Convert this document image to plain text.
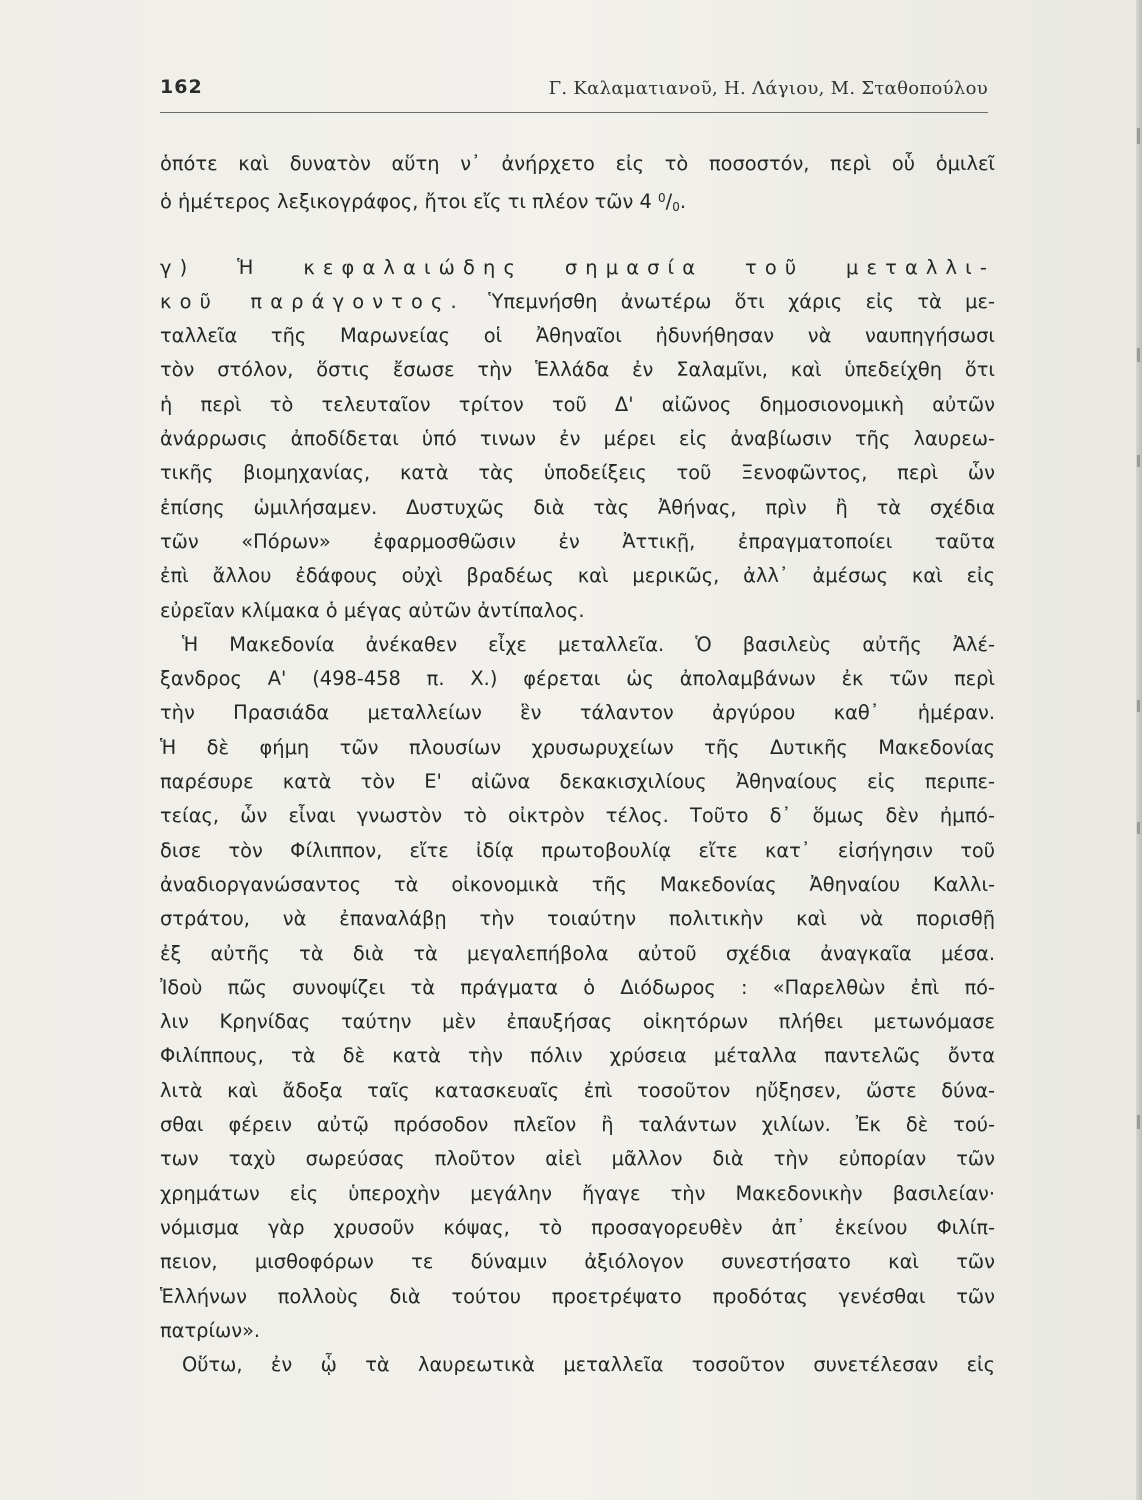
162	Γ. Καλαματιανοῦ, Η. Λάγιου, Μ. Σταθοπούλου
ὁπότε καὶ δυνατὸν αὕτη ν᾽ ἀνήρχετο εἰς τὸ ποσοστόν, περὶ οὗ ὁμιλεῖ
ὁ ἡμέτερος λεξικογράφος, ἤτοι εἴς τι πλέον τῶν 4 $^0/_0$.
γ) Ἡ κεφαλαιώδης σημασία τοῦ μεταλλι-
κοῦ παράγοντος. Ὑπεμνήσθη ἀνωτέρω ὅτι χάρις εἰς τὰ με-
ταλλεῖα τῆς Μαρωνείας οἱ Ἀθηναῖοι ἠδυνήθησαν νὰ ναυπηγήσωσι
τὸν στόλον, ὅστις ἔσωσε τὴν Ἑλλάδα ἐν Σαλαμῖνι, καὶ ὑπεδείχθη ὅτι
ἡ περὶ τὸ τελευταῖον τρίτον τοῦ Δ' αἰῶνος δημοσιονομικὴ αὐτῶν
ἀνάρρωσις ἀποδίδεται ὑπό τινων ἐν μέρει εἰς ἀναβίωσιν τῆς λαυρεω-
τικῆς βιομηχανίας, κατὰ τὰς ὑποδείξεις τοῦ Ξενοφῶντος, περὶ ὧν
ἐπίσης ὡμιλήσαμεν. Δυστυχῶς διὰ τὰς Ἀθήνας, πρὶν ἢ τὰ σχέδια
τῶν «Πόρων» ἐφαρμοσθῶσιν ἐν Ἀττικῇ, ἐπραγματοποίει ταῦτα
ἐπὶ ἄλλου ἐδάφους οὐχὶ βραδέως καὶ μερικῶς, ἀλλ᾽ ἀμέσως καὶ εἰς
εὐρεῖαν κλίμακα ὁ μέγας αὐτῶν ἀντίπαλος.
Ἡ Μακεδονία ἀνέκαθεν εἶχε μεταλλεῖα. Ὁ βασιλεὺς αὐτῆς Ἀλέ-
ξανδρος Α' (498-458 π. Χ.) φέρεται ὡς ἀπολαμβάνων ἐκ τῶν περὶ
τὴν Πρασιάδα μεταλλείων ἓν τάλαντον ἀργύρου καθ᾽ ἡμέραν.
Ἡ δὲ φήμη τῶν πλουσίων χρυσωρυχείων τῆς Δυτικῆς Μακεδονίας
παρέσυρε κατὰ τὸν Ε' αἰῶνα δεκακισχιλίους Ἀθηναίους εἰς περιπε-
τείας, ὧν εἶναι γνωστὸν τὸ οἰκτρὸν τέλος. Τοῦτο δ᾽ ὅμως δὲν ἠμπό-
δισε τὸν Φίλιππον, εἴτε ἰδίᾳ πρωτοβουλίᾳ εἴτε κατ᾽ εἰσήγησιν τοῦ
ἀναδιοργανώσαντος τὰ οἰκονομικὰ τῆς Μακεδονίας Ἀθηναίου Καλλι-
στράτου, νὰ ἐπαναλάβῃ τὴν τοιαύτην πολιτικὴν καὶ νὰ πορισθῇ
ἐξ αὐτῆς τὰ διὰ τὰ μεγαλεπήβολα αὐτοῦ σχέδια ἀναγκαῖα μέσα.
Ἰδοὺ πῶς συνοψίζει τὰ πράγματα ὁ Διόδωρος : «Παρελθὼν ἐπὶ πό-
λιν Κρηνίδας ταύτην μὲν ἐπαυξήσας οἰκητόρων πλήθει μετωνόμασε
Φιλίππους, τὰ δὲ κατὰ τὴν πόλιν χρύσεια μέταλλα παντελῶς ὄντα
λιτὰ καὶ ἄδοξα ταῖς κατασκευαῖς ἐπὶ τοσοῦτον ηὔξησεν, ὥστε δύνα-
σθαι φέρειν αὐτῷ πρόσοδον πλεῖον ἢ ταλάντων χιλίων. Ἐκ δὲ τού-
των ταχὺ σωρεύσας πλοῦτον αἰεὶ μᾶλλον διὰ τὴν εὐπορίαν τῶν
χρημάτων εἰς ὑπεροχὴν μεγάλην ἤγαγε τὴν Μακεδονικὴν βασιλείαν·
νόμισμα γὰρ χρυσοῦν κόψας, τὸ προσαγορευθὲν ἀπ᾽ ἐκείνου Φιλίπ-
πειον, μισθοφόρων τε δύναμιν ἀξιόλογον συνεστήσατο καὶ τῶν
Ἑλλήνων πολλοὺς διὰ τούτου προετρέψατο προδότας γενέσθαι τῶν
πατρίων».
Οὕτω, ἐν ᾧ τὰ λαυρεωτικὰ μεταλλεῖα τοσοῦτον συνετέλεσαν εἰς
